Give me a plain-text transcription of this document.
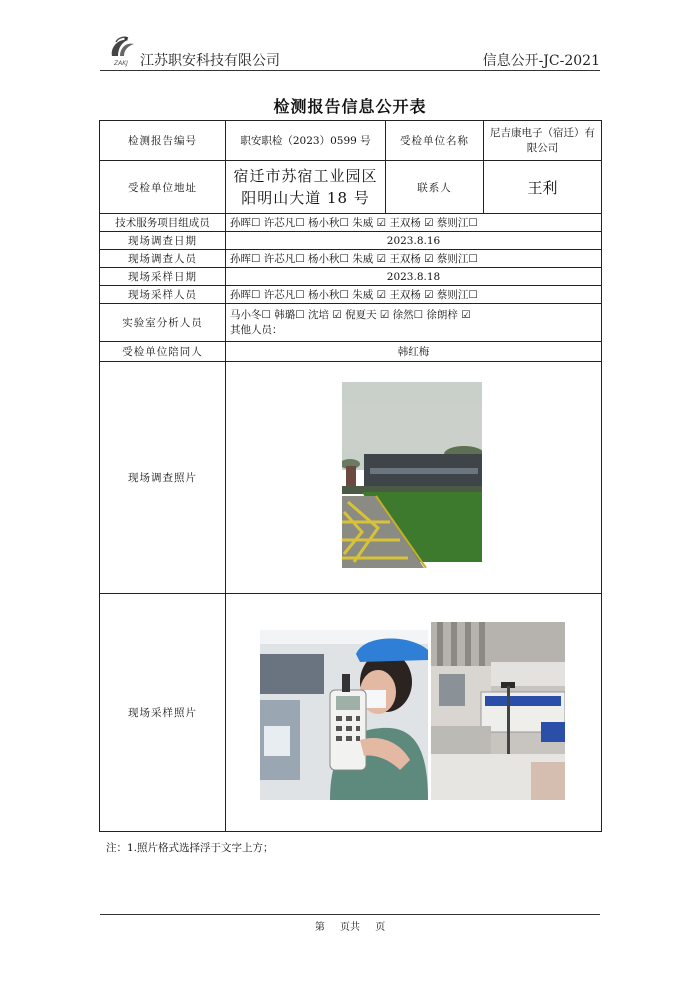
ZAKJ 江苏职安科技有限公司	信息公开-JC-2021
检测报告信息公开表
检测报告编号	职安职检（2023）0599 号	受检单位名称	尼吉康电子（宿迁）有限公司
受检单位地址	宿迁市苏宿工业园区阳明山大道 18 号	联系人	王利
技术服务项目组成员	孙晖☐ 许芯凡☐ 杨小秋☐ 朱威 ☑ 王双杨 ☑ 蔡则江☐		
现场调查日期	2023.8.16		
现场调查人员	孙晖☐ 许芯凡☐ 杨小秋☐ 朱威 ☑ 王双杨 ☑ 蔡则江☐		
现场采样日期	2023.8.18		
现场采样人员	孙晖☐ 许芯凡☐ 杨小秋☐ 朱威 ☑ 王双杨 ☑ 蔡则江☐		
实验室分析人员	马小冬☐ 韩璐☐ 沈培 ☑ 倪夏天 ☑ 徐然☐ 徐朗梓 ☑
其他人员：		

受检单位陪同人	韩红梅		
现场调查照片	

现场采样照片	
注：1.照片格式选择浮于文字上方；
第 页共 页
